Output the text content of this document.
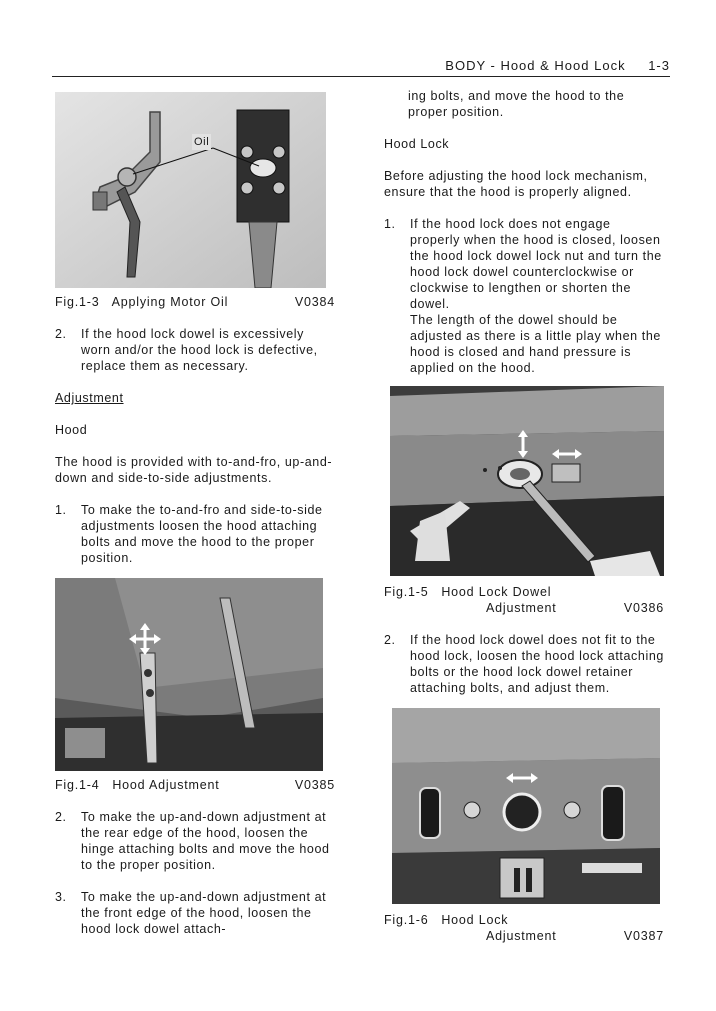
BODY - Hood & Hood Lock 1-3
Oil
Fig.1-3 Applying Motor Oil	V0384
2.	If the hood lock dowel is excessively worn and/or the hood lock is defective, replace them as necessary.

Adjustment

Hood

The hood is provided with to-and-fro, up-and-down and side-to-side adjustments.

1.	To make the to-and-fro and side-to-side adjustments loosen the hood attaching bolts and move the hood to the proper position.
Fig.1-4 Hood Adjustment	V0385
2.	To make the up-and-down adjustment at the rear edge of the hood, loosen the hinge attaching bolts and move the hood to the proper position.
3.	To make the up-and-down adjustment at the front edge of the hood, loosen the hood lock dowel attach-

ing bolts, and move the hood to the proper position.

Hood Lock

Before adjusting the hood lock mechanism, ensure that the hood is properly aligned.

1.	If the hood lock does not engage properly when the hood is closed, loosen the hood lock dowel lock nut and turn the hood lock dowel counterclockwise or clockwise to lengthen or shorten the dowel.
The length of the dowel should be adjusted as there is a little play when the hood is closed and hand pressure is applied on the hood.
Fig.1-5 Hood Lock Dowel
Adjustment	V0386
2.	If the hood lock dowel does not fit to the hood lock, loosen the hood lock attaching bolts or the hood lock dowel retainer attaching bolts, and adjust them.
Fig.1-6 Hood Lock
Adjustment	V0387
